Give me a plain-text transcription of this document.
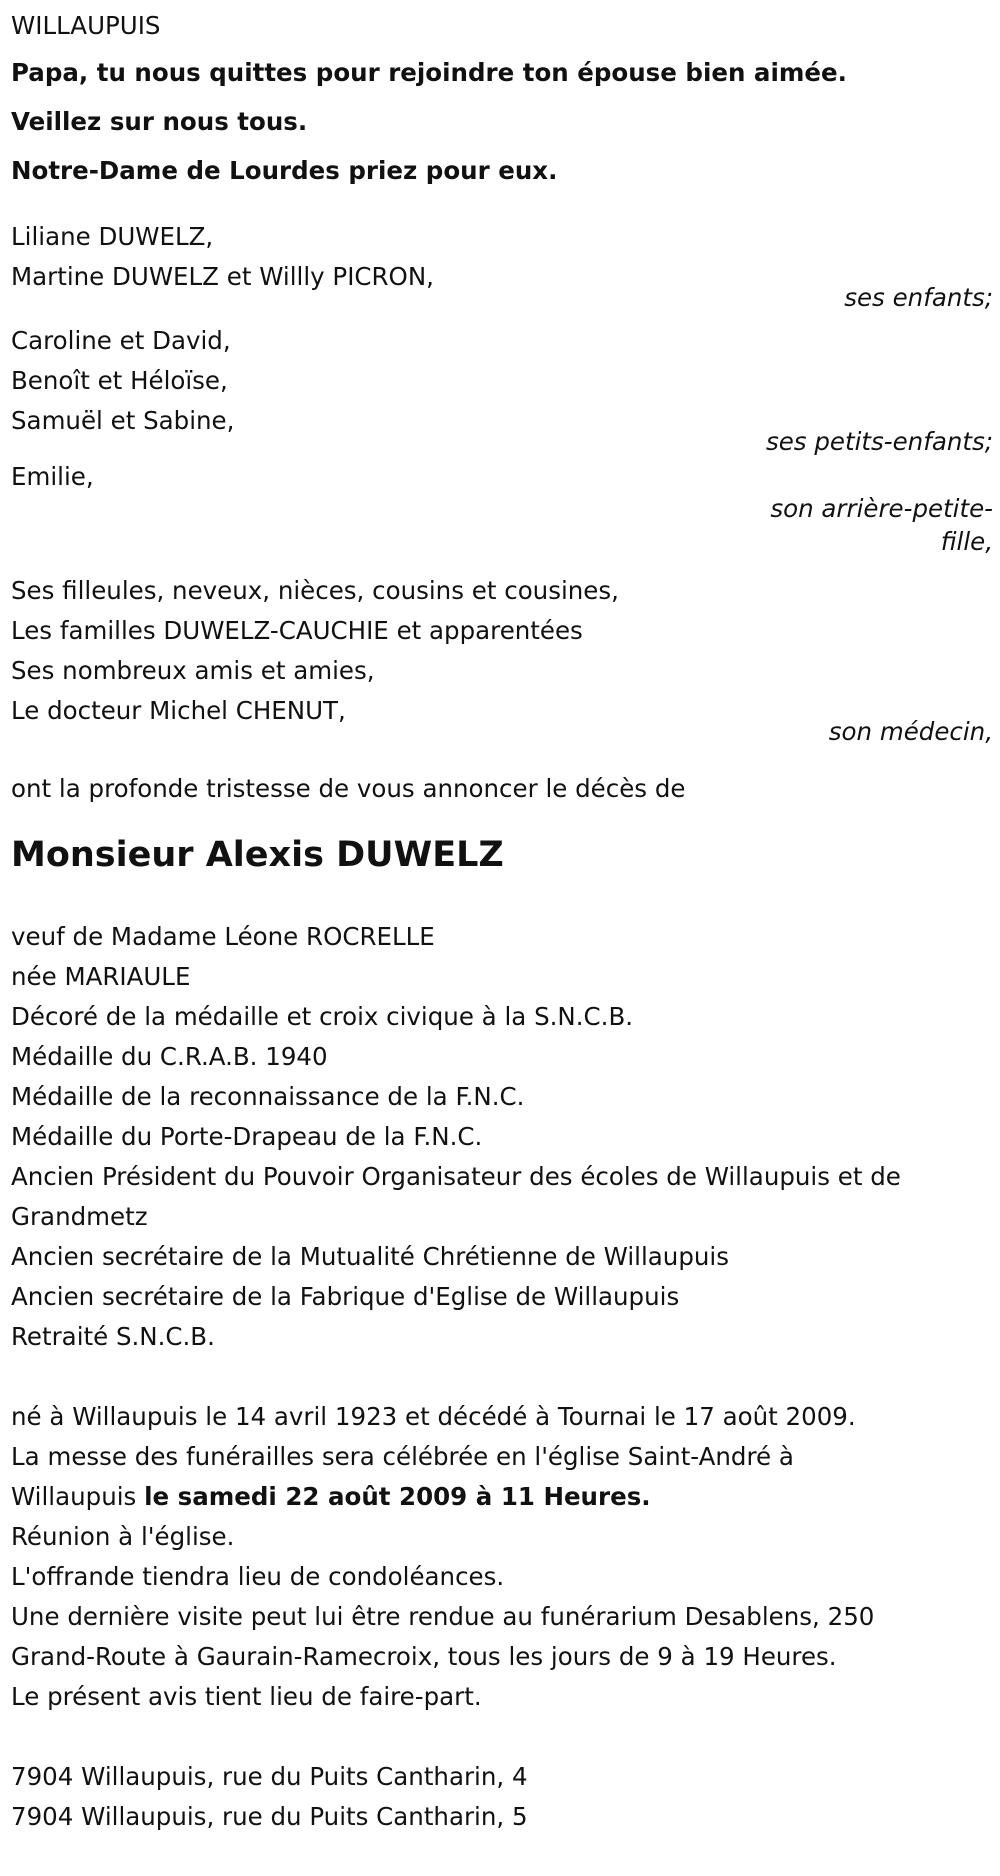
WILLAUPUIS
Papa, tu nous quittes pour rejoindre ton épouse bien aimée.
Veillez sur nous tous.
Notre-Dame de Lourdes priez pour eux.
Liliane DUWELZ,
Martine DUWELZ et Willly PICRON,
ses enfants;
Caroline et David,
Benoît et Héloïse,
Samuël et Sabine,
ses petits-enfants;
Emilie,
son arrière-petite-
fille,
Ses filleules, neveux, nièces, cousins et cousines,
Les familles DUWELZ-CAUCHIE et apparentées
Ses nombreux amis et amies,
Le docteur Michel CHENUT,
son médecin,
ont la profonde tristesse de vous annoncer le décès de
Monsieur Alexis DUWELZ
veuf de Madame Léone ROCRELLE
née MARIAULE
Décoré de la médaille et croix civique à la S.N.C.B.
Médaille du C.R.A.B. 1940
Médaille de la reconnaissance de la F.N.C.
Médaille du Porte-Drapeau de la F.N.C.
Ancien Président du Pouvoir Organisateur des écoles de Willaupuis et de
Grandmetz
Ancien secrétaire de la Mutualité Chrétienne de Willaupuis
Ancien secrétaire de la Fabrique d'Eglise de Willaupuis
Retraité S.N.C.B.
né à Willaupuis le 14 avril 1923 et décédé à Tournai le 17 août 2009.
La messe des funérailles sera célébrée en l'église Saint-André à
Willaupuis le samedi 22 août 2009 à 11 Heures.
Réunion à l'église.
L'offrande tiendra lieu de condoléances.
Une dernière visite peut lui être rendue au funérarium Desablens, 250
Grand-Route à Gaurain-Ramecroix, tous les jours de 9 à 19 Heures.
Le présent avis tient lieu de faire-part.
7904 Willaupuis, rue du Puits Cantharin, 4
7904 Willaupuis, rue du Puits Cantharin, 5
